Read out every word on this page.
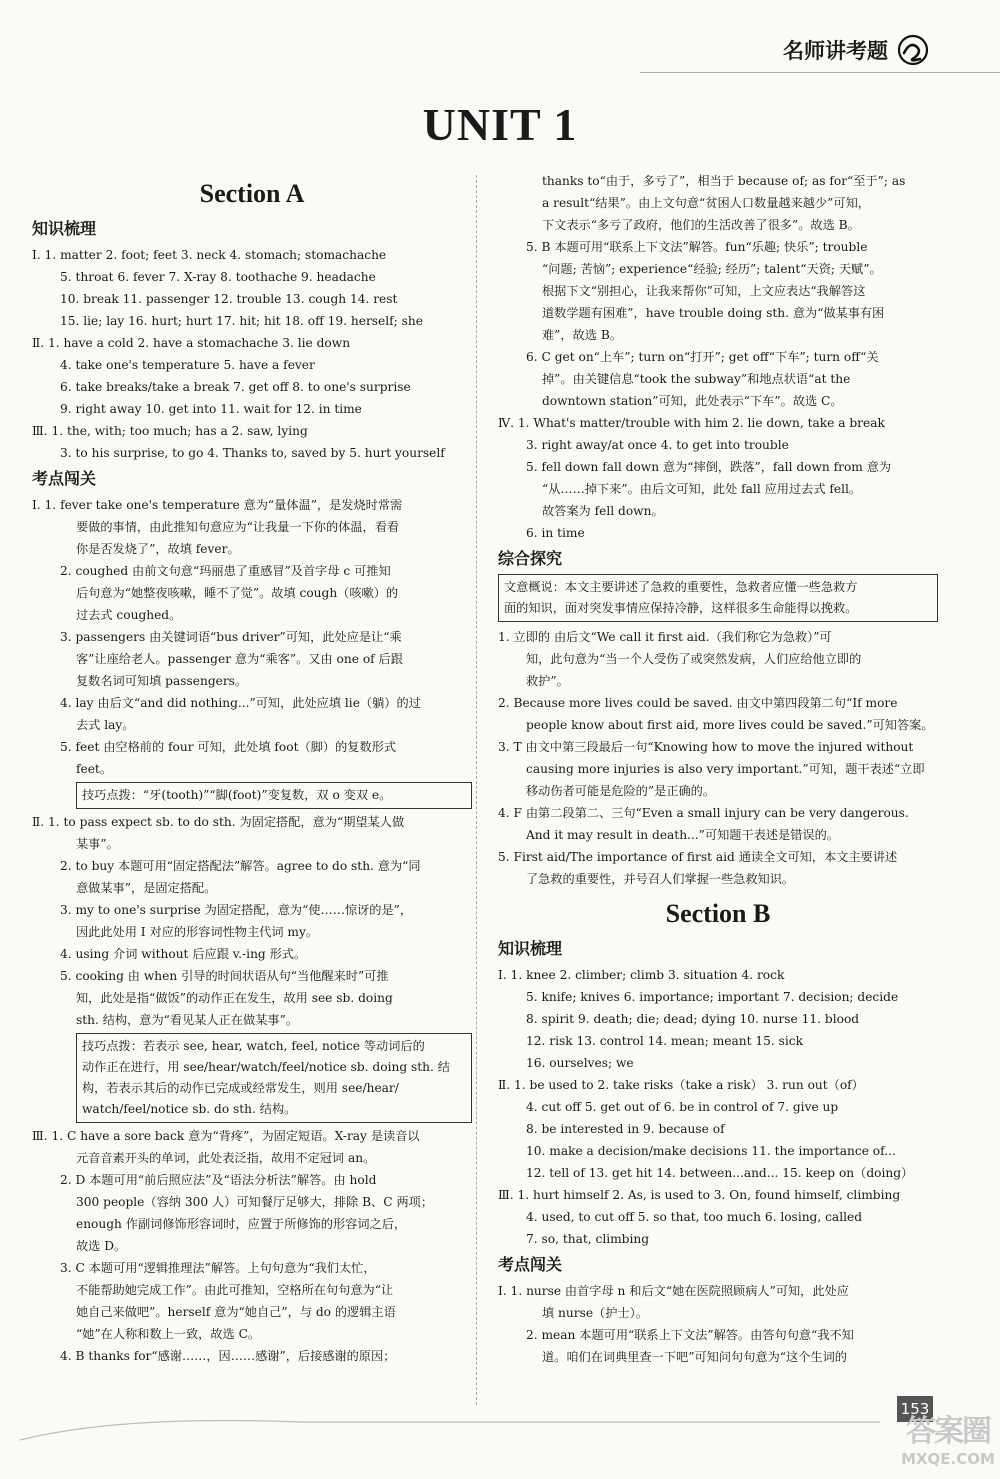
名师讲考题
UNIT 1
Section A
知识梳理
Ⅰ. 1. matter 2. foot; feet 3. neck 4. stomach; stomachache
5. throat 6. fever 7. X-ray 8. toothache 9. headache
10. break 11. passenger 12. trouble 13. cough 14. rest
15. lie; lay 16. hurt; hurt 17. hit; hit 18. off 19. herself; she
Ⅱ. 1. have a cold 2. have a stomachache 3. lie down
4. take one's temperature 5. have a fever
6. take breaks/take a break 7. get off 8. to one's surprise
9. right away 10. get into 11. wait for 12. in time
Ⅲ. 1. the, with; too much; has a 2. saw, lying
3. to his surprise, to go 4. Thanks to, saved by 5. hurt yourself
考点闯关
Ⅰ. 1. fever take one's temperature 意为“量体温”，是发烧时常需
要做的事情，由此推知句意应为“让我量一下你的体温，看看
你是否发烧了”，故填 fever。
2. coughed 由前文句意“玛丽患了重感冒”及首字母 c 可推知
后句意为“她整夜咳嗽，睡不了觉”。故填 cough（咳嗽）的
过去式 coughed。
3. passengers 由关键词语“bus driver”可知，此处应是让“乘
客”让座给老人。passenger 意为“乘客”。又由 one of 后跟
复数名词可知填 passengers。
4. lay 由后文“and did nothing...”可知，此处应填 lie（躺）的过
去式 lay。
5. feet 由空格前的 four 可知，此处填 foot（脚）的复数形式
feet。
技巧点拨：“牙(tooth)”“脚(foot)”变复数，双 o 变双 e。
Ⅱ. 1. to pass expect sb. to do sth. 为固定搭配，意为“期望某人做
某事”。
2. to buy 本题可用“固定搭配法”解答。agree to do sth. 意为“同
意做某事”，是固定搭配。
3. my to one's surprise 为固定搭配，意为“使……惊讶的是”，
因此此处用 I 对应的形容词性物主代词 my。
4. using 介词 without 后应跟 v.-ing 形式。
5. cooking 由 when 引导的时间状语从句“当他醒来时”可推
知，此处是指“做饭”的动作正在发生，故用 see sb. doing
sth. 结构，意为“看见某人正在做某事”。
技巧点拨：若表示 see, hear, watch, feel, notice 等动词后的
动作正在进行，用 see/hear/watch/feel/notice sb. doing sth. 结
构，若表示其后的动作已完成或经常发生，则用 see/hear/
watch/feel/notice sb. do sth. 结构。
Ⅲ. 1. C have a sore back 意为“背疼”，为固定短语。X-ray 是读音以
元音音素开头的单词，此处表泛指，故用不定冠词 an。
2. D 本题可用“前后照应法”及“语法分析法”解答。由 hold
300 people（容纳 300 人）可知餐厅足够大，排除 B、C 两项；
enough 作副词修饰形容词时，应置于所修饰的形容词之后，
故选 D。
3. C 本题可用“逻辑推理法”解答。上句句意为“我们太忙，
不能帮助她完成工作”。由此可推知，空格所在句句意为“让
她自己来做吧”。herself 意为“她自己”，与 do 的逻辑主语
“她”在人称和数上一致，故选 C。
4. B thanks for“感谢……，因……感谢”，后接感谢的原因；
thanks to“由于，多亏了”，相当于 because of; as for“至于”; as
a result“结果”。由上文句意“贫困人口数量越来越少”可知，
下文表示“多亏了政府，他们的生活改善了很多”。故选 B。
5. B 本题可用“联系上下文法”解答。fun“乐趣; 快乐”; trouble
“问题; 苦恼”; experience“经验; 经历”; talent“天资; 天赋”。
根据下文“别担心，让我来帮你”可知，上文应表达“我解答这
道数学题有困难”，have trouble doing sth. 意为“做某事有困
难”，故选 B。
6. C get on“上车”; turn on“打开”; get off“下车”; turn off“关
掉”。由关键信息“took the subway”和地点状语“at the
downtown station”可知，此处表示“下车”。故选 C。
Ⅳ. 1. What's matter/trouble with him 2. lie down, take a break
3. right away/at once 4. to get into trouble
5. fell down fall down 意为“摔倒，跌落”，fall down from 意为
“从……掉下来”。由后文可知，此处 fall 应用过去式 fell。
故答案为 fell down。
6. in time
综合探究
文意概说：本文主要讲述了急救的重要性，急救者应懂一些急救方
面的知识，面对突发事情应保持冷静，这样很多生命能得以挽救。
1. 立即的 由后文“We call it first aid.（我们称它为急救）”可
知，此句意为“当一个人受伤了或突然发病，人们应给他立即的
救护”。
2. Because more lives could be saved. 由文中第四段第二句“If more
people know about first aid, more lives could be saved.”可知答案。
3. T 由文中第三段最后一句“Knowing how to move the injured without
causing more injuries is also very important.”可知，题干表述“立即
移动伤者可能是危险的”是正确的。
4. F 由第二段第二、三句“Even a small injury can be very dangerous.
And it may result in death...”可知题干表述是错误的。
5. First aid/The importance of first aid 通读全文可知，本文主要讲述
了急救的重要性，并号召人们掌握一些急救知识。
Section B
知识梳理
Ⅰ. 1. knee 2. climber; climb 3. situation 4. rock
5. knife; knives 6. importance; important 7. decision; decide
8. spirit 9. death; die; dead; dying 10. nurse 11. blood
12. risk 13. control 14. mean; meant 15. sick
16. ourselves; we
Ⅱ. 1. be used to 2. take risks（take a risk） 3. run out（of）
4. cut off 5. get out of 6. be in control of 7. give up
8. be interested in 9. because of
10. make a decision/make decisions 11. the importance of...
12. tell of 13. get hit 14. between...and... 15. keep on（doing）
Ⅲ. 1. hurt himself 2. As, is used to 3. On, found himself, climbing
4. used, to cut off 5. so that, too much 6. losing, called
7. so, that, climbing
考点闯关
Ⅰ. 1. nurse 由首字母 n 和后文“她在医院照顾病人”可知，此处应
填 nurse（护士）。
2. mean 本题可用“联系上下文法”解答。由答句句意“我不知
道。咱们在词典里查一下吧”可知问句句意为“这个生词的
153
答案圈
MXQE.COM
